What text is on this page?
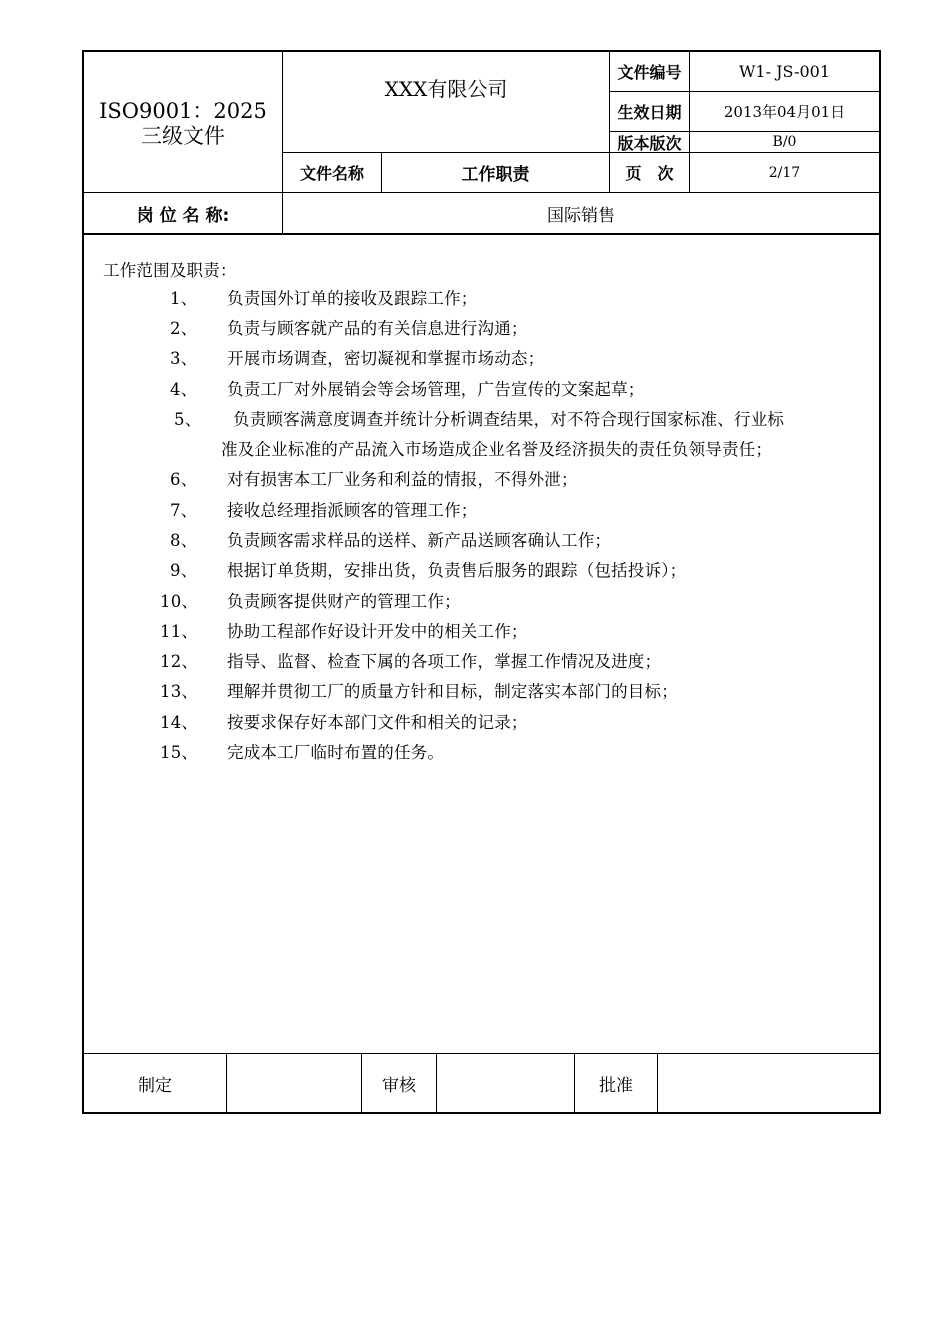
ISO9001：2025
三级文件
XXX有限公司
文件编号	W1- JS-001
生效日期	2013年04月01日
版本版次	B/0
文件名称	工作职责	页　次	2/17
岗 位 名 称:	国际销售
工作范围及职责：
1、 负责国外订单的接收及跟踪工作；
2、 负责与顾客就产品的有关信息进行沟通；
3、 开展市场调查，密切凝视和掌握市场动态；
4、 负责工厂对外展销会等会场管理，广告宣传的文案起草；
5、 负责顾客满意度调查并统计分析调查结果，对不符合现行国家标准、行业标
准及企业标准的产品流入市场造成企业名誉及经济损失的责任负领导责任；
6、 对有损害本工厂业务和利益的情报，不得外泄；
7、 接收总经理指派顾客的管理工作；
8、 负责顾客需求样品的送样、新产品送顾客确认工作；
9、 根据订单货期，安排出货，负责售后服务的跟踪（包括投诉）；
10、 负责顾客提供财产的管理工作；
11、 协助工程部作好设计开发中的相关工作；
12、 指导、监督、检查下属的各项工作，掌握工作情况及进度；
13、 理解并贯彻工厂的质量方针和目标，制定落实本部门的目标；
14、 按要求保存好本部门文件和相关的记录；
15、 完成本工厂临时布置的任务。
制定	审核	批准
